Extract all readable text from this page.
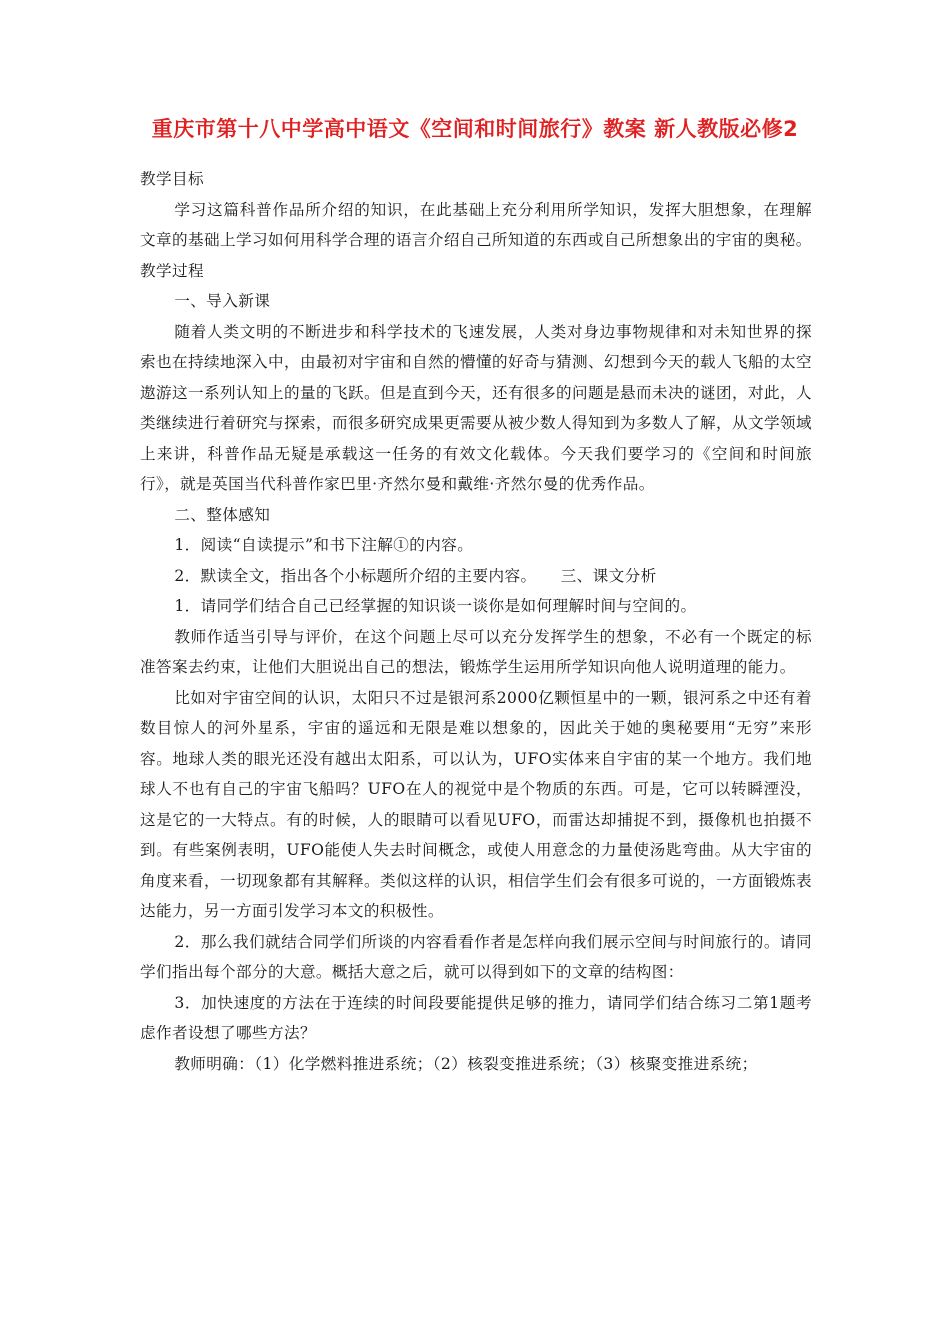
重庆市第十八中学高中语文《空间和时间旅行》教案 新人教版必修2

教学目标

学习这篇科普作品所介绍的知识，在此基础上充分利用所学知识，发挥大胆想象，在理解文章的基础上学习如何用科学合理的语言介绍自己所知道的东西或自己所想象出的宇宙的奥秘。

教学过程

一、导入新课

随着人类文明的不断进步和科学技术的飞速发展，人类对身边事物规律和对未知世界的探索也在持续地深入中，由最初对宇宙和自然的懵懂的好奇与猜测、幻想到今天的载人飞船的太空遨游这一系列认知上的量的飞跃。但是直到今天，还有很多的问题是悬而未决的谜团，对此，人类继续进行着研究与探索，而很多研究成果更需要从被少数人得知到为多数人了解，从文学领域上来讲，科普作品无疑是承载这一任务的有效文化载体。今天我们要学习的《空间和时间旅行》，就是英国当代科普作家巴里·齐然尔曼和戴维·齐然尔曼的优秀作品。

二、整体感知

1．阅读“自读提示”和书下注解①的内容。

2．默读全文，指出各个小标题所介绍的主要内容。　　三、课文分析

1．请同学们结合自己已经掌握的知识谈一谈你是如何理解时间与空间的。

教师作适当引导与评价，在这个问题上尽可以充分发挥学生的想象，不必有一个既定的标准答案去约束，让他们大胆说出自己的想法，锻炼学生运用所学知识向他人说明道理的能力。

比如对宇宙空间的认识，太阳只不过是银河系2000亿颗恒星中的一颗，银河系之中还有着数目惊人的河外星系，宇宙的遥远和无限是难以想象的，因此关于她的奥秘要用“无穷”来形容。地球人类的眼光还没有越出太阳系，可以认为，UFO实体来自宇宙的某一个地方。我们地球人不也有自己的宇宙飞船吗？UFO在人的视觉中是个物质的东西。可是，它可以转瞬湮没，这是它的一大特点。有的时候，人的眼睛可以看见UFO，而雷达却捕捉不到，摄像机也拍摄不到。有些案例表明，UFO能使人失去时间概念，或使人用意念的力量使汤匙弯曲。从大宇宙的角度来看，一切现象都有其解释。类似这样的认识，相信学生们会有很多可说的，一方面锻炼表达能力，另一方面引发学习本文的积极性。

2．那么我们就结合同学们所谈的内容看看作者是怎样向我们展示空间与时间旅行的。请同学们指出每个部分的大意。概括大意之后，就可以得到如下的文章的结构图：

3．加快速度的方法在于连续的时间段要能提供足够的推力，请同学们结合练习二第1题考虑作者设想了哪些方法？

教师明确：（1）化学燃料推进系统；（2）核裂变推进系统；（3）核聚变推进系统；
